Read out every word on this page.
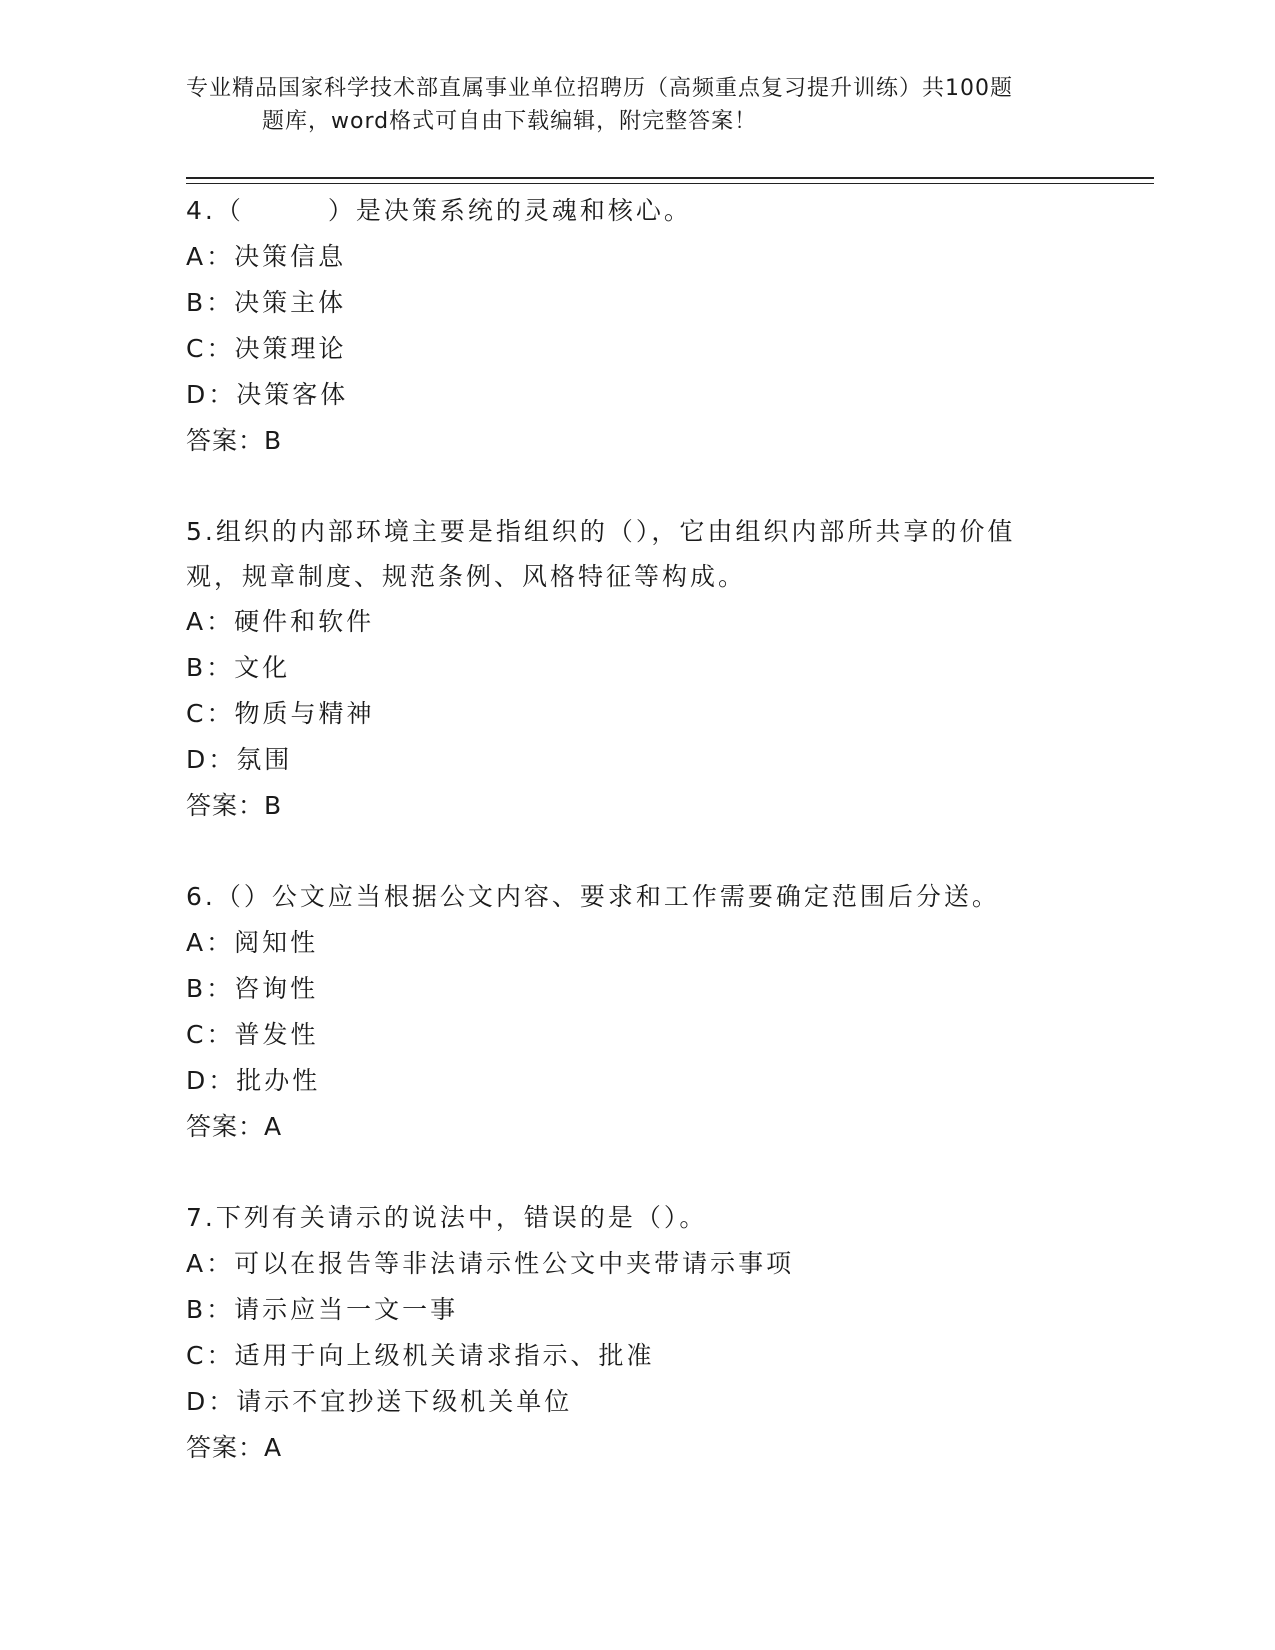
专业精品国家科学技术部直属事业单位招聘历（高频重点复习提升训练）共100题
题库，word格式可自由下载编辑，附完整答案！

4.（　　　）是决策系统的灵魂和核心。

A：决策信息

B：决策主体

C：决策理论

D：决策客体

答案：B

5.组织的内部环境主要是指组织的（），它由组织内部所共享的价值

观，规章制度、规范条例、风格特征等构成。

A：硬件和软件

B：文化

C：物质与精神

D：氛围

答案：B

6.（）公文应当根据公文内容、要求和工作需要确定范围后分送。

A：阅知性

B：咨询性

C：普发性

D：批办性

答案：A

7.下列有关请示的说法中，错误的是（）。

A：可以在报告等非法请示性公文中夹带请示事项

B：请示应当一文一事

C：适用于向上级机关请求指示、批准

D：请示不宜抄送下级机关单位

答案：A
